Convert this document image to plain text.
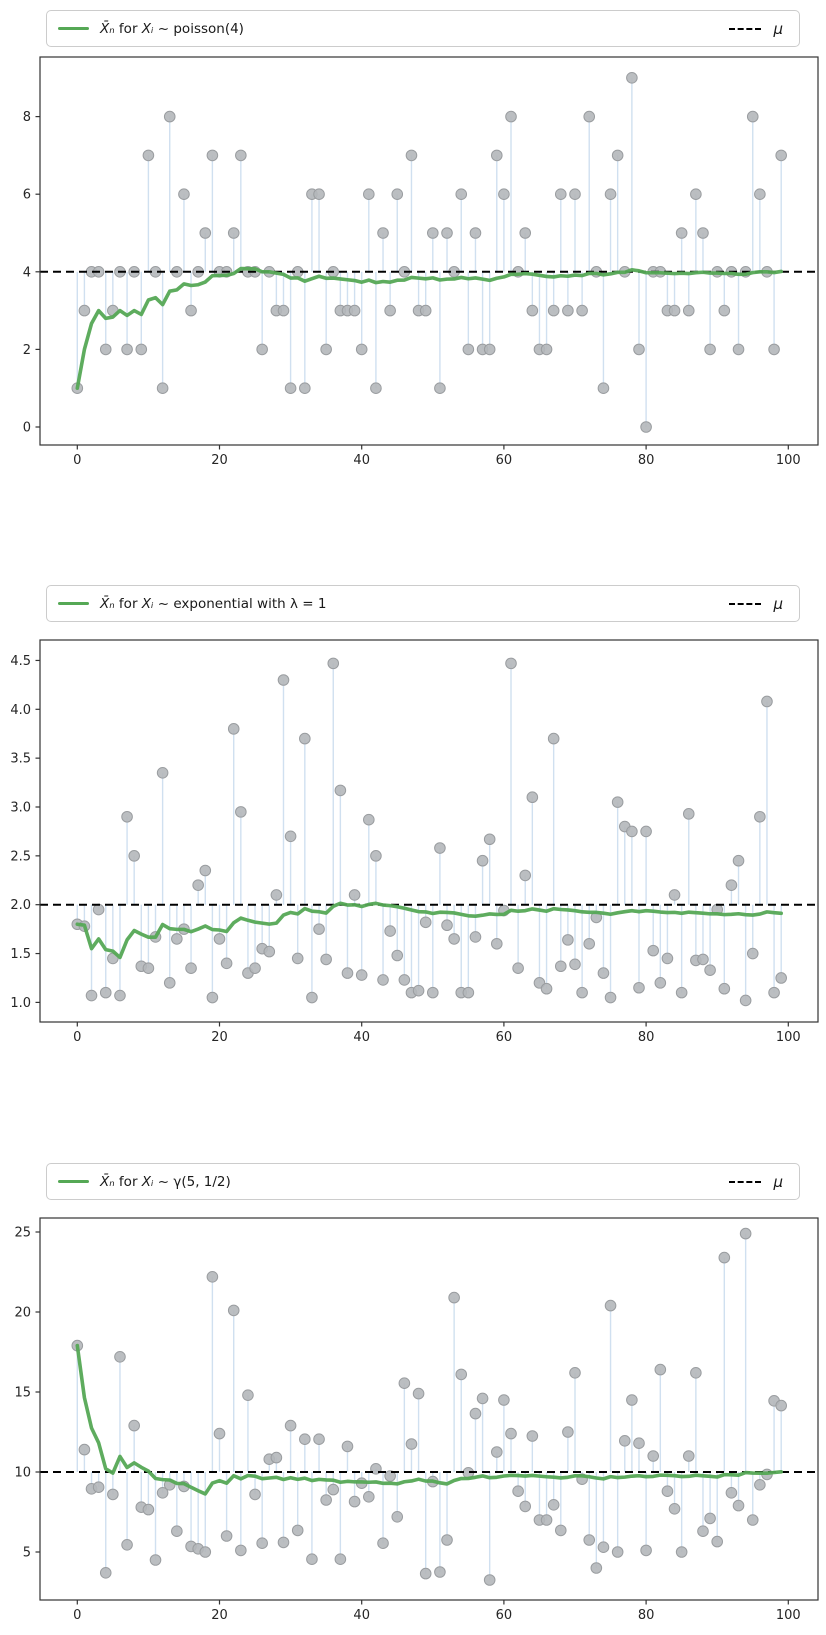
X̄ₙ for Xᵢ ~ poisson(4)	μ
X̄ₙ for Xᵢ ~ exponential with λ = 1	μ
X̄ₙ for Xᵢ ~ γ(5, 1/2)	μ
0	20	40	60	80	100
0
2
4
6
8
0	20	40	60	80	100
1.0
1.5
2.0
2.5
3.0
3.5
4.0
4.5
0	20	40	60	80	100
5
10
15
20
25
